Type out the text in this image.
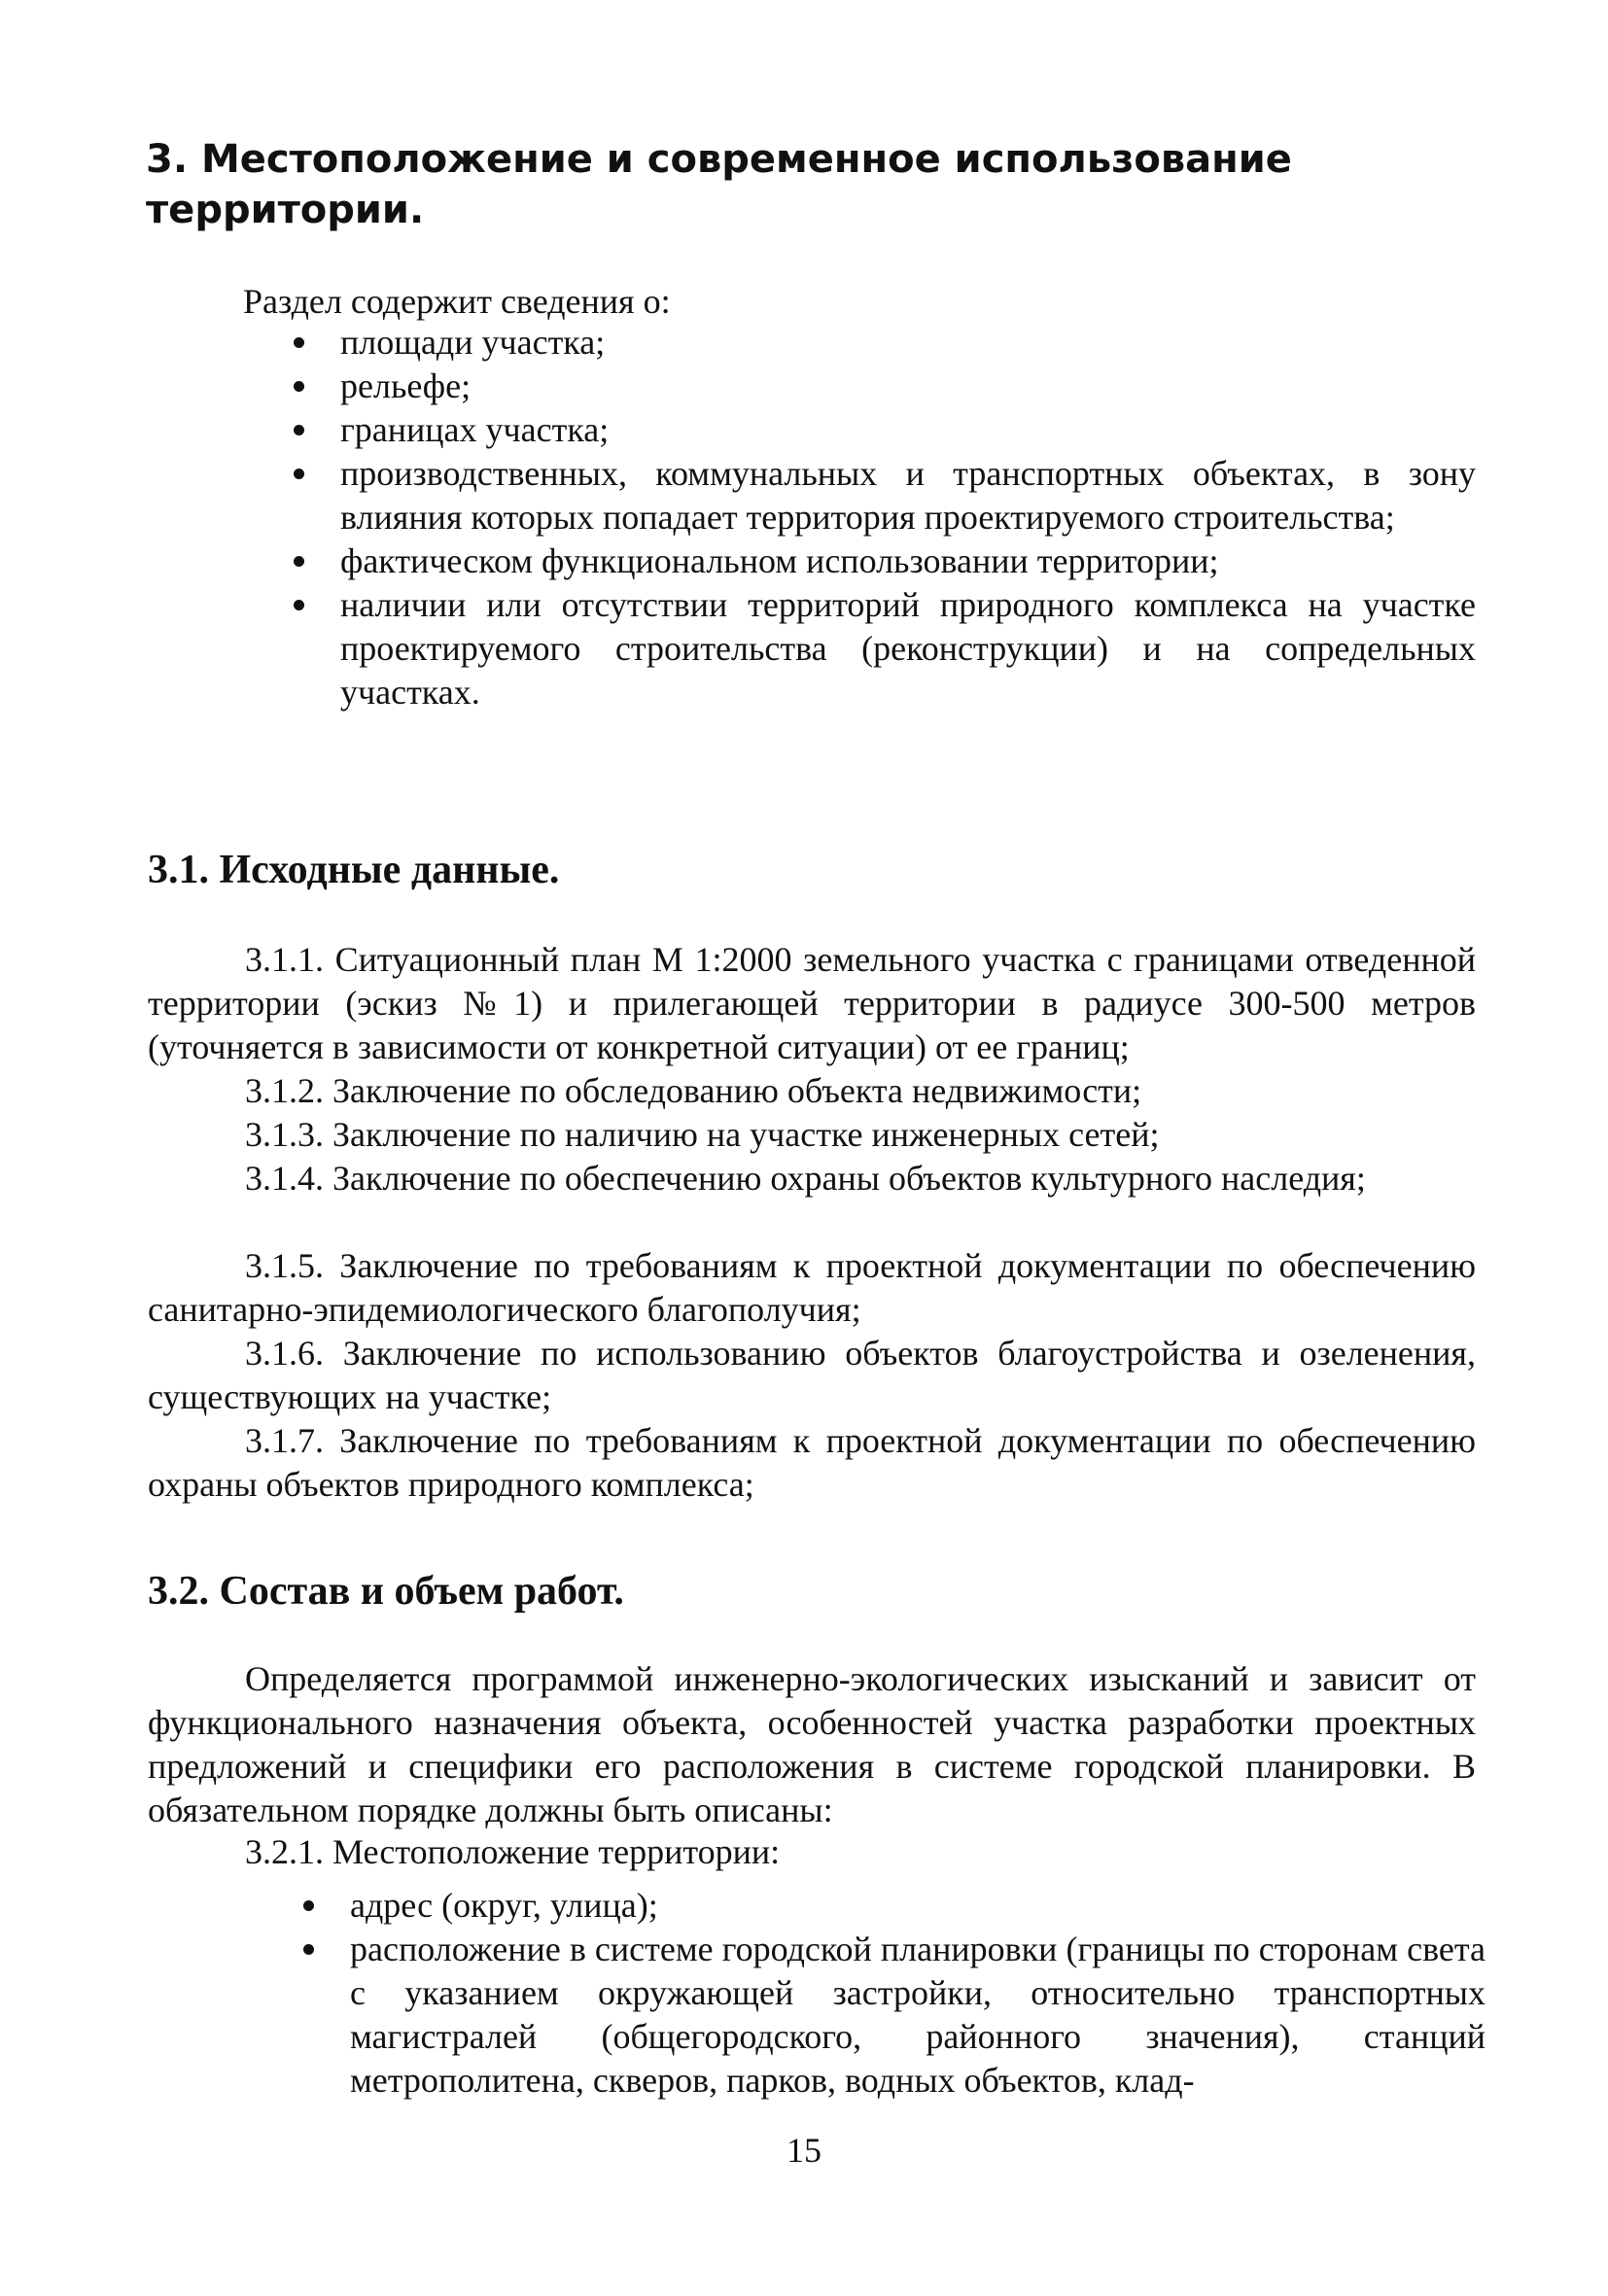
3. Местоположение и современное использование территории.

Раздел содержит сведения о:

площади участка;
рельефе;
границах участка;
производственных, коммунальных и транспортных объектах, в зону влияния которых попадает территория проектируемого строительства;
фактическом функциональном использовании территории;
наличии или отсутствии территорий природного комплекса на участке проектируемого строительства (реконструкции) и на сопредельных участках.
3.1. Исходные данные.

3.1.1. Ситуационный план М 1:2000 земельного участка с границами отведенной территории (эскиз №1) и прилегающей территории в радиусе 300-500 метров (уточняется в зависимости от конкретной ситуации) от ее границ;

3.1.2. Заключение по обследованию объекта недвижимости;

3.1.3. Заключение по наличию на участке инженерных сетей;

3.1.4. Заключение по обеспечению охраны объектов культурного наследия;

3.1.5. Заключение по требованиям к проектной документации по обеспечению санитарно-эпидемиологического благополучия;

3.1.6. Заключение по использованию объектов благоустройства и озеленения, существующих на участке;

3.1.7. Заключение по требованиям к проектной документации по обеспечению охраны объектов природного комплекса;

3.2. Состав и объем работ.

Определяется программой инженерно-экологических изысканий и зависит от функционального назначения объекта, особенностей участка разработки проектных предложений и специфики его расположения в системе городской планировки. В обязательном порядке должны быть описаны:

3.2.1. Местоположение территории:

адрес (округ, улица);
расположение в системе городской планировки (границы по сторонам света с указанием окружающей застройки, относительно транспортных магистралей (общегородского, районного значения), станций метрополитена, скверов, парков, водных объектов, клад-

15
